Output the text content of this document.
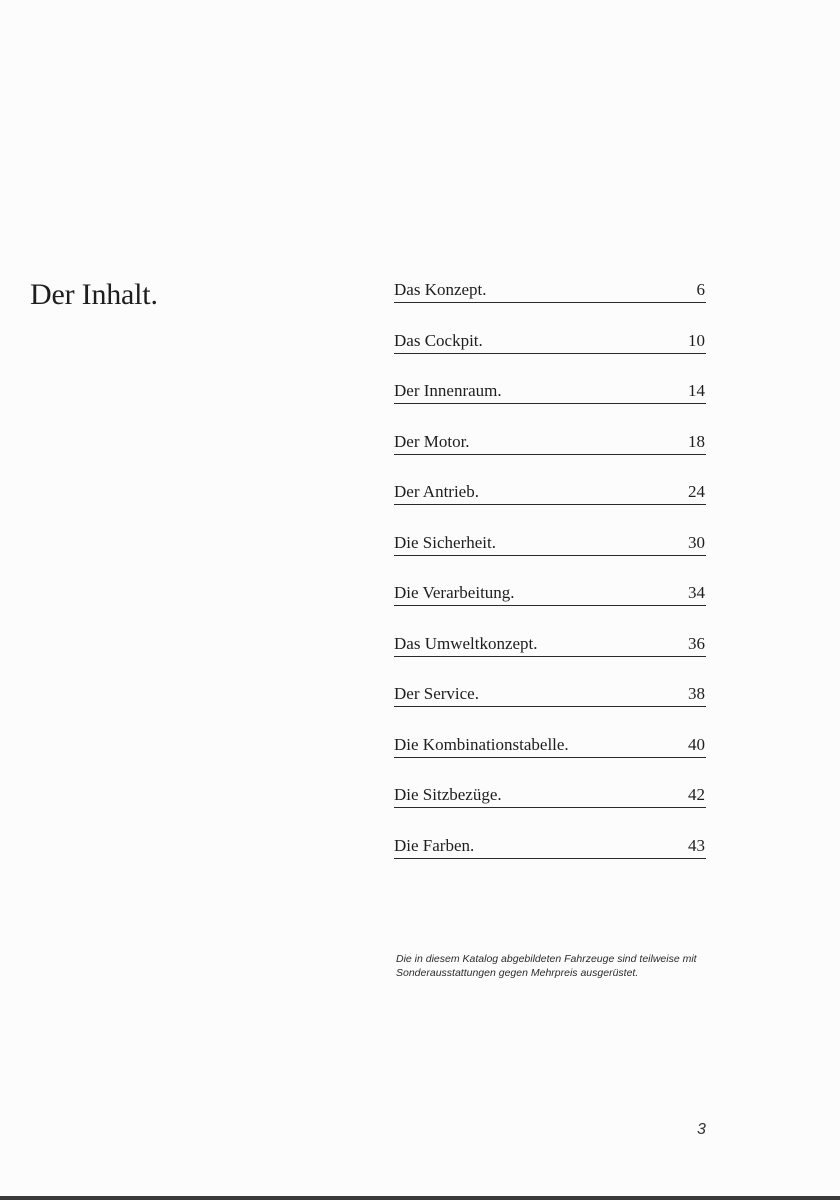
Der Inhalt.	Das Konzept.	6
Das Cockpit.	10
Der Innenraum.	14
Der Motor.	18
Der Antrieb.	24
Die Sicherheit.	30
Die Verarbeitung.	34
Das Umweltkonzept.	36
Der Service.	38
Die Kombinationstabelle.	40
Die Sitzbezüge.	42
Die Farben.	43

Die in diesem Katalog abgebildeten Fahrzeuge sind teilweise mit Sonderausstattungen gegen Mehrpreis ausgerüstet.

3
